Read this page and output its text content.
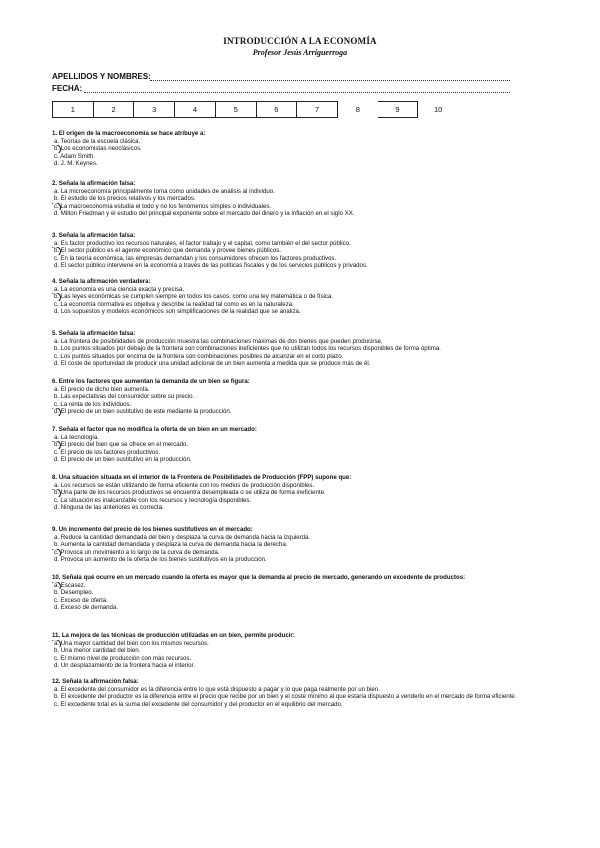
INTRODUCCIÓN A LA ECONOMÍA
Profesor Jesús Arriguerroga
APELLIDOS Y NOMBRES:
FECHA:
1	2	3	4	5	6	7	8	9	10
1. El origen de la macroeconomía se hace atribuye a:
a. Teorías de la escuela clásica.
b. Los economistas neoclásicos.
c. Adam Smith.
d. J. M. Keynes.
2. Señala la afirmación falsa:
a. La microeconomía principalmente toma como unidades de análisis al individuo.
b. El estudio de los precios relativos y los mercados.
c. La macroeconomía estudia el todo y no los fenómenos simples o individuales.
d. Milton Friedman y el estudio del principal exponente sobre el mercado del dinero y la inflación en el siglo XX.
3. Señala la afirmación falsa:
a. Es factor productivo los recursos naturales, el factor trabajo y el capital, como también el del sector público.
b. El sector público es el agente económico que demanda y provee bienes públicos.
c. En la teoría económica, las empresas demandan y los consumidores ofrecen los factores productivos.
d. El sector público interviene en la economía a través de las políticas fiscales y de los servicios públicos y privados.
4. Señala la afirmación verdadera:
a. La economía es una ciencia exacta y precisa.
b. Las leyes económicas se cumplen siempre en todos los casos, como una ley matemática o de física.
c. La economía normativa es objetiva y describe la realidad tal como es en la naturaleza.
d. Los supuestos y modelos económicos son simplificaciones de la realidad que se analiza.
5. Señala la afirmación falsa:
a. La frontera de posibilidades de producción muestra las combinaciones máximas de dos bienes que pueden producirse.
b. Los puntos situados por debajo de la frontera son combinaciones ineficientes que no utilizan todos los recursos disponibles de forma óptima.
c. Los puntos situados por encima de la frontera son combinaciones posibles de alcanzar en el corto plazo.
d. El coste de oportunidad de producir una unidad adicional de un bien aumenta a medida que se produce más de él.
6. Entre los factores que aumentan la demanda de un bien se figura:
a. El precio de dicho bien aumenta.
b. Las expectativas del consumidor sobre su precio.
c. La renta de los individuos.
d. El precio de un bien sustitutivo de este mediante la producción.
7. Señala el factor que no modifica la oferta de un bien en un mercado:
a. La tecnología.
b. El precio del bien que se ofrece en el mercado.
c. El precio de los factores productivos.
d. El precio de un bien sustitutivo en la producción.
8. Una situación situada en el interior de la Frontera de Posibilidades de Producción (FPP) supone que:
a. Los recursos se están utilizando de forma eficiente con los medios de producción disponibles.
b. Una parte de los recursos productivos se encuentra desempleada o se utiliza de forma ineficiente.
c. La situación es inalcanzable con los recursos y tecnología disponibles.
d. Ninguna de las anteriores es correcta.
9. Un incremento del precio de los bienes sustitutivos en el mercado:
a. Reduce la cantidad demandada del bien y desplaza la curva de demanda hacia la izquierda.
b. Aumenta la cantidad demandada y desplaza la curva de demanda hacia la derecha.
c. Provoca un movimiento a lo largo de la curva de demanda.
d. Provoca un aumento de la oferta de los bienes sustitutivos en la producción.
10. Señala qué ocurre en un mercado cuando la oferta es mayor que la demanda al precio de mercado, generando un excedente de productos:
a. Escasez.
b. Desempleo.
c. Exceso de oferta.
d. Exceso de demanda.
11. La mejora de las técnicas de producción utilizadas en un bien, permite producir:
a. Una mayor cantidad del bien con los mismos recursos.
b. Una menor cantidad del bien.
c. El mismo nivel de producción con más recursos.
d. Un desplazamiento de la frontera hacia el interior.
12. Señala la afirmación falsa:
a. El excedente del consumidor es la diferencia entre lo que está dispuesto a pagar y lo que paga realmente por un bien.
b. El excedente del productor es la diferencia entre el precio que recibe por un bien y el coste mínimo al que estaría dispuesto a venderlo en el mercado de forma eficiente.
c. El excedente total es la suma del excedente del consumidor y del productor en el equilibrio del mercado.
